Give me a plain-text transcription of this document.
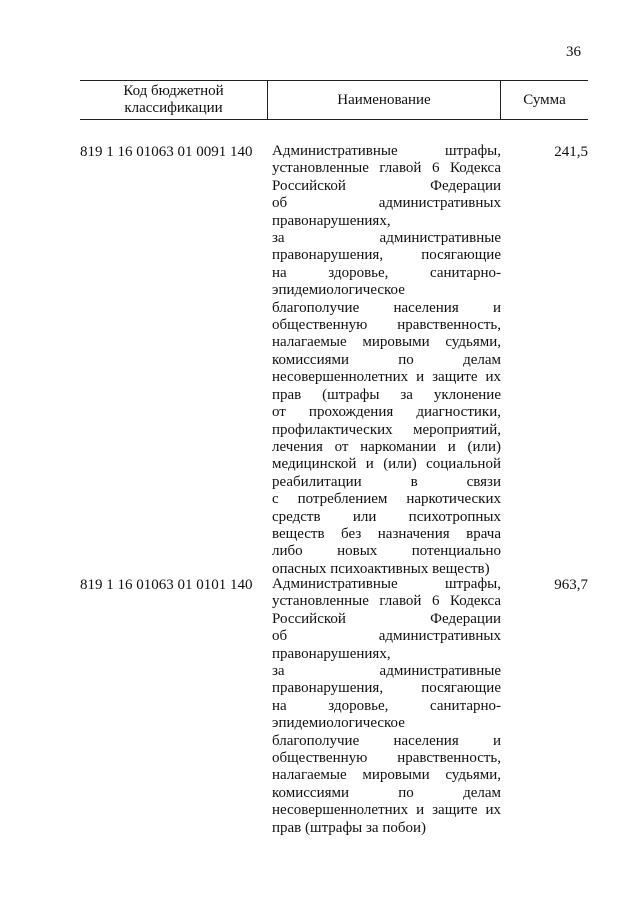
36
Код бюджетной классификации
Наименование	Сумма
819 1 16 01063 01 0091 140 Административные штрафы,
установленные главой 6 Кодекса
Российской Федерации
об административных
правонарушениях,
за административные
правонарушения, посягающие
на здоровье, санитарно-
эпидемиологическое
благополучие населения и
общественную нравственность,
налагаемые мировыми судьями,
комиссиями по делам
несовершеннолетних и защите их
прав (штрафы за уклонение
от прохождения диагностики,
профилактических мероприятий,
лечения от наркомании и (или)
медицинской и (или) социальной
реабилитации в связи
с потреблением наркотических
средств или психотропных
веществ без назначения врача
либо новых потенциально
опасных психоактивных веществ)
241,5
819 1 16 01063 01 0101 140 Административные штрафы,
установленные главой 6 Кодекса
Российской Федерации
об административных
правонарушениях,
за административные
правонарушения, посягающие
на здоровье, санитарно-
эпидемиологическое
благополучие населения и
общественную нравственность,
налагаемые мировыми судьями,
комиссиями по делам
несовершеннолетних и защите их
прав (штрафы за побои)
963,7
